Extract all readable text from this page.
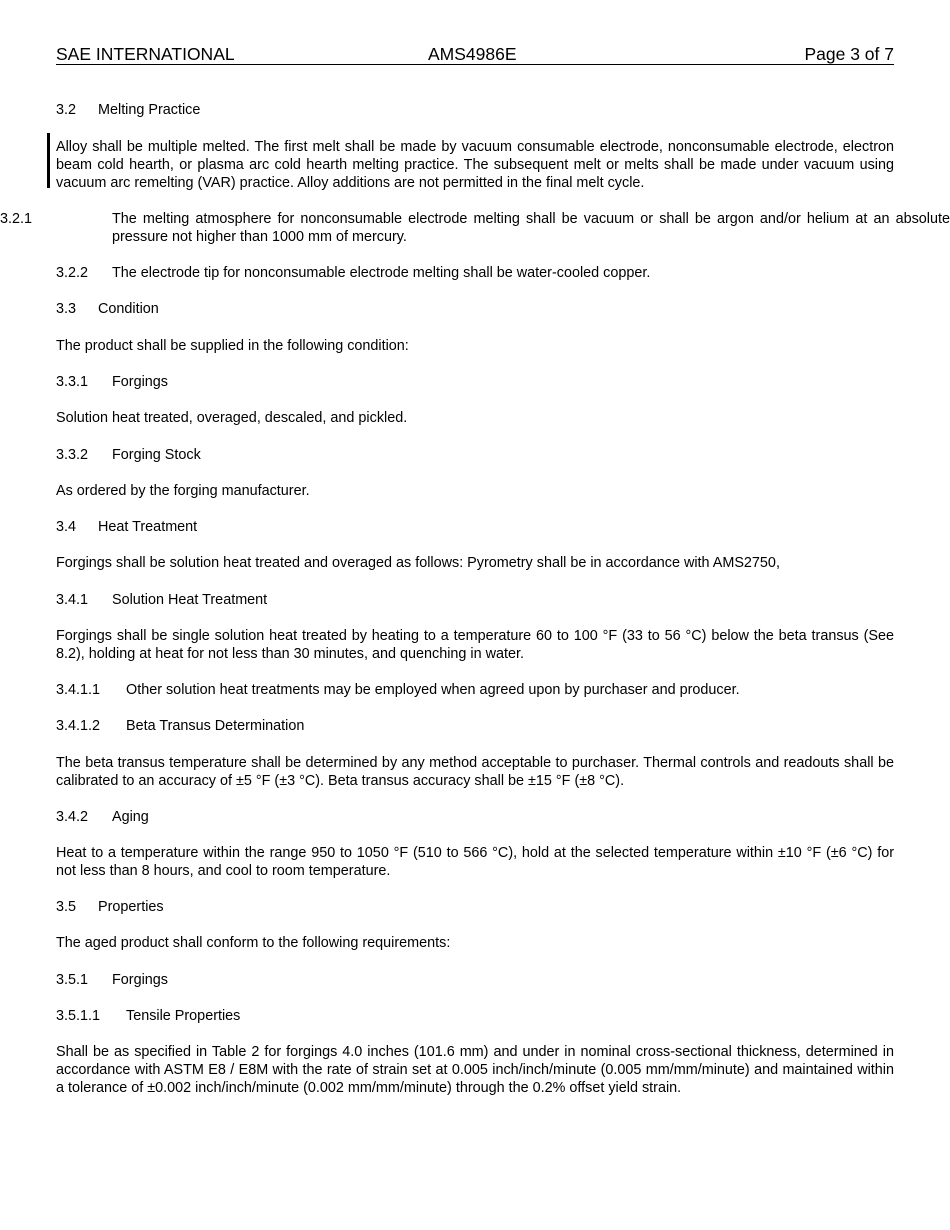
SAE INTERNATIONAL	AMS4986E	Page 3 of 7
3.2 Melting Practice
Alloy shall be multiple melted. The first melt shall be made by vacuum consumable electrode, nonconsumable electrode, electron beam cold hearth, or plasma arc cold hearth melting practice. The subsequent melt or melts shall be made under vacuum using vacuum arc remelting (VAR) practice. Alloy additions are not permitted in the final melt cycle.
3.2.1	The melting atmosphere for nonconsumable electrode melting shall be vacuum or shall be argon and/or helium at an absolute pressure not higher than 1000 mm of mercury.
3.2.2 The electrode tip for nonconsumable electrode melting shall be water-cooled copper.
3.3 Condition
The product shall be supplied in the following condition:
3.3.1 Forgings
Solution heat treated, overaged, descaled, and pickled.
3.3.2 Forging Stock
As ordered by the forging manufacturer.
3.4 Heat Treatment
Forgings shall be solution heat treated and overaged as follows: Pyrometry shall be in accordance with AMS2750,
3.4.1 Solution Heat Treatment
Forgings shall be single solution heat treated by heating to a temperature 60 to 100 °F (33 to 56 °C) below the beta transus (See 8.2), holding at heat for not less than 30 minutes, and quenching in water.
3.4.1.1 Other solution heat treatments may be employed when agreed upon by purchaser and producer.
3.4.1.2 Beta Transus Determination
The beta transus temperature shall be determined by any method acceptable to purchaser. Thermal controls and readouts shall be calibrated to an accuracy of ±5 °F (±3 °C). Beta transus accuracy shall be ±15 °F (±8 °C).
3.4.2 Aging
Heat to a temperature within the range 950 to 1050 °F (510 to 566 °C), hold at the selected temperature within ±10 °F (±6 °C) for not less than 8 hours, and cool to room temperature.
3.5 Properties
The aged product shall conform to the following requirements:
3.5.1 Forgings
3.5.1.1 Tensile Properties
Shall be as specified in Table 2 for forgings 4.0 inches (101.6 mm) and under in nominal cross-sectional thickness, determined in accordance with ASTM E8 / E8M with the rate of strain set at 0.005 inch/inch/minute (0.005 mm/mm/minute) and maintained within a tolerance of ±0.002 inch/inch/minute (0.002 mm/mm/minute) through the 0.2% offset yield strain.
